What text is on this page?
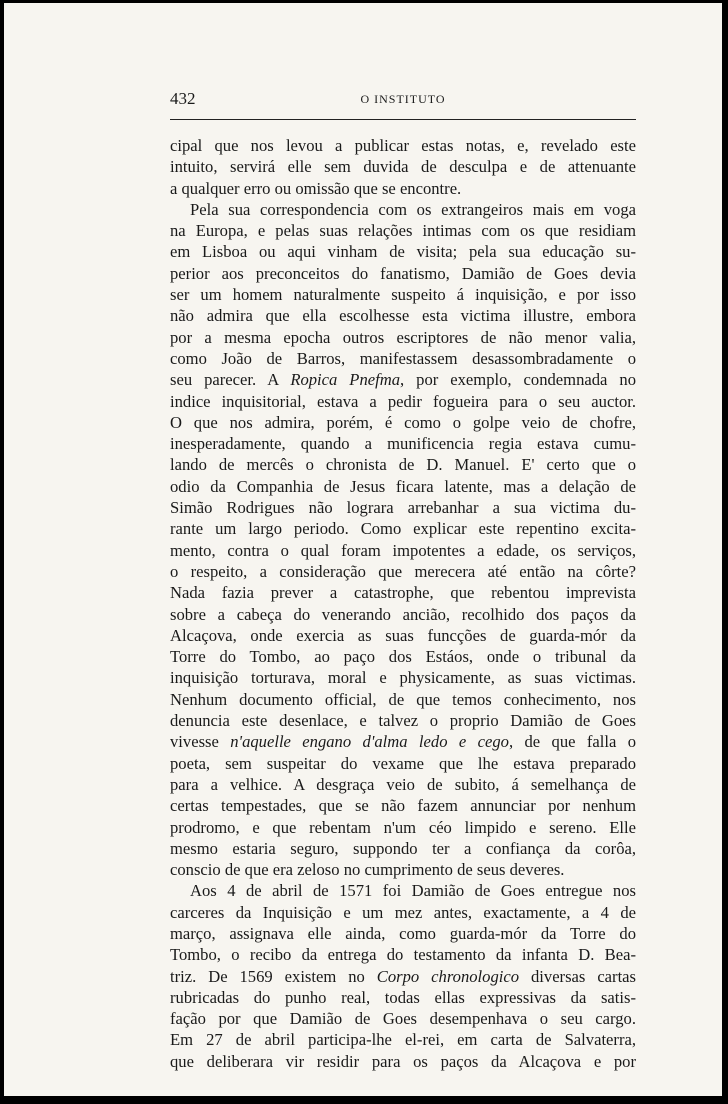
432	O INSTITUTO
cipal que nos levou a publicar estas notas, e, revelado este
intuito, servirá elle sem duvida de desculpa e de attenuante
a qualquer erro ou omissão que se encontre.
Pela sua correspondencia com os extrangeiros mais em voga
na Europa, e pelas suas relações intimas com os que residiam
em Lisboa ou aqui vinham de visita; pela sua educação su-
perior aos preconceitos do fanatismo, Damião de Goes devia
ser um homem naturalmente suspeito á inquisição, e por isso
não admira que ella escolhesse esta victima illustre, embora
por a mesma epocha outros escriptores de não menor valia,
como João de Barros, manifestassem desassombradamente o
seu parecer. A Ropica Pnefma, por exemplo, condemnada no
indice inquisitorial, estava a pedir fogueira para o seu auctor.
O que nos admira, porém, é como o golpe veio de chofre,
inesperadamente, quando a munificencia regia estava cumu-
lando de mercês o chronista de D. Manuel. E' certo que o
odio da Companhia de Jesus ficara latente, mas a delação de
Simão Rodrigues não lograra arrebanhar a sua victima du-
rante um largo periodo. Como explicar este repentino excita-
mento, contra o qual foram impotentes a edade, os serviços,
o respeito, a consideração que merecera até então na côrte?
Nada fazia prever a catastrophe, que rebentou imprevista
sobre a cabeça do venerando ancião, recolhido dos paços da
Alcaçova, onde exercia as suas funcções de guarda-mór da
Torre do Tombo, ao paço dos Estáos, onde o tribunal da
inquisição torturava, moral e physicamente, as suas victimas.
Nenhum documento official, de que temos conhecimento, nos
denuncia este desenlace, e talvez o proprio Damião de Goes
vivesse n'aquelle engano d'alma ledo e cego, de que falla o
poeta, sem suspeitar do vexame que lhe estava preparado
para a velhice. A desgraça veio de subito, á semelhança de
certas tempestades, que se não fazem annunciar por nenhum
prodromo, e que rebentam n'um céo limpido e sereno. Elle
mesmo estaria seguro, suppondo ter a confiança da corôa,
conscio de que era zeloso no cumprimento de seus deveres.
Aos 4 de abril de 1571 foi Damião de Goes entregue nos
carceres da Inquisição e um mez antes, exactamente, a 4 de
março, assignava elle ainda, como guarda-mór da Torre do
Tombo, o recibo da entrega do testamento da infanta D. Bea-
triz. De 1569 existem no Corpo chronologico diversas cartas
rubricadas do punho real, todas ellas expressivas da satis-
fação por que Damião de Goes desempenhava o seu cargo.
Em 27 de abril participa-lhe el-rei, em carta de Salvaterra,
que deliberara vir residir para os paços da Alcaçova e por
